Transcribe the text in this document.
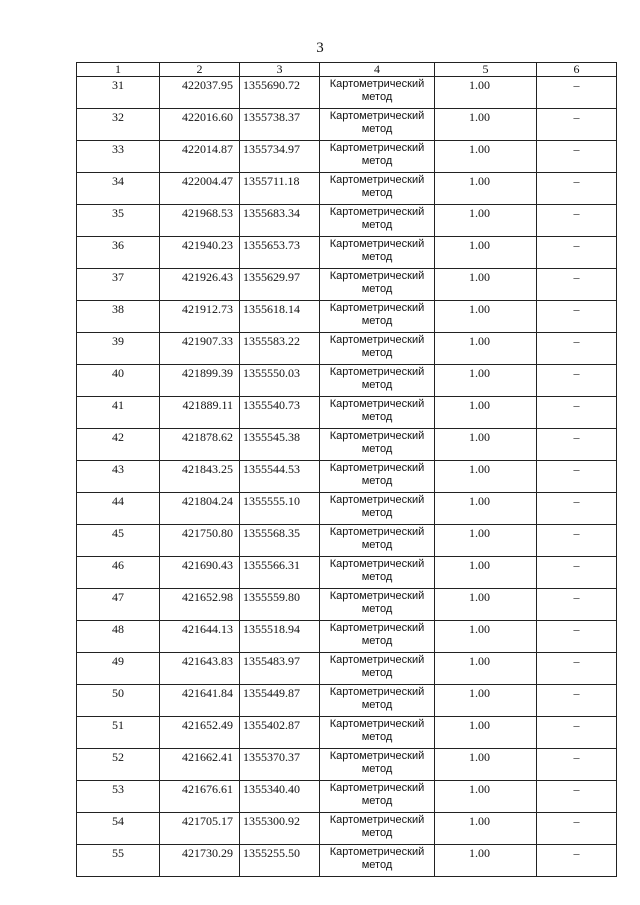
3
1	2	3	4	5	6
31	422037.95	1355690.72	Картометрический метод	1.00	–
32	422016.60	1355738.37	Картометрический метод	1.00	–
33	422014.87	1355734.97	Картометрический метод	1.00	–
34	422004.47	1355711.18	Картометрический метод	1.00	–
35	421968.53	1355683.34	Картометрический метод	1.00	–
36	421940.23	1355653.73	Картометрический метод	1.00	–
37	421926.43	1355629.97	Картометрический метод	1.00	–
38	421912.73	1355618.14	Картометрический метод	1.00	–
39	421907.33	1355583.22	Картометрический метод	1.00	–
40	421899.39	1355550.03	Картометрический метод	1.00	–
41	421889.11	1355540.73	Картометрический метод	1.00	–
42	421878.62	1355545.38	Картометрический метод	1.00	–
43	421843.25	1355544.53	Картометрический метод	1.00	–
44	421804.24	1355555.10	Картометрический метод	1.00	–
45	421750.80	1355568.35	Картометрический метод	1.00	–
46	421690.43	1355566.31	Картометрический метод	1.00	–
47	421652.98	1355559.80	Картометрический метод	1.00	–
48	421644.13	1355518.94	Картометрический метод	1.00	–
49	421643.83	1355483.97	Картометрический метод	1.00	–
50	421641.84	1355449.87	Картометрический метод	1.00	–
51	421652.49	1355402.87	Картометрический метод	1.00	–
52	421662.41	1355370.37	Картометрический метод	1.00	–
53	421676.61	1355340.40	Картометрический метод	1.00	–
54	421705.17	1355300.92	Картометрический метод	1.00	–
55	421730.29	1355255.50	Картометрический метод	1.00	–
